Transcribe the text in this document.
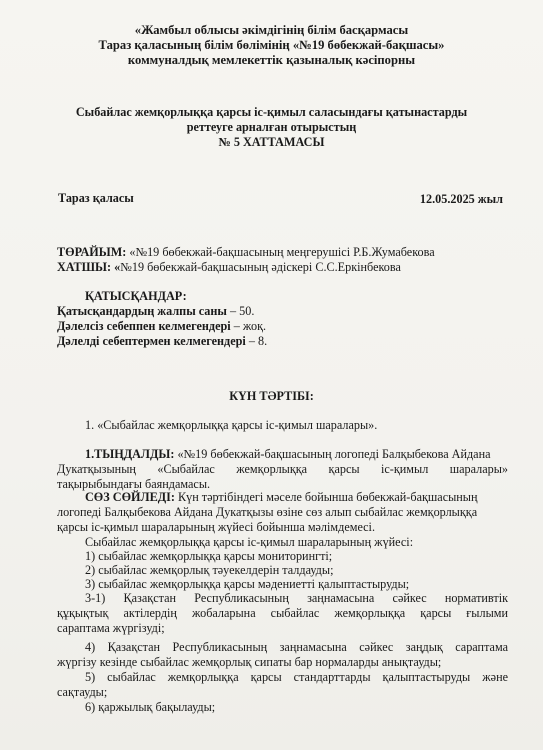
«Жамбыл облысы әкімдігінің білім басқармасы
Тараз қаласының білім бөлімінің «№19 бөбекжай-бақшасы»
коммуналдық мемлекеттік қазыналық кәсіпорны
Сыбайлас жемқорлыққа қарсы іс-қимыл саласындағы қатынастарды
реттеуге арналған отырыстың
№ 5 ХАТТАМАСЫ
Тараз қаласы	12.05.2025 жыл
ТӨРАЙЫМ: «№19 бөбекжай-бақшасының меңгерушісі Р.Б.Жумабекова
ХАТШЫ: «№19 бөбекжай-бақшасының әдіскері С.С.Еркінбекова
ҚАТЫСҚАНДАР:
Қатысқандардың жалпы саны – 50.
Дәлелсіз себеппен келмегендері – жоқ.
Дәлелді себептермен келмегендері – 8.
КҮН ТӘРТІБІ:
1. «Сыбайлас жемқорлыққа қарсы іс-қимыл шаралары».
1.ТЫҢДАЛДЫ: «№19 бөбекжай-бақшасының логопеді Балқыбекова Айдана
Дукатқызының «Сыбайлас жемқорлыққа қарсы іс-қимыл шаралары»
тақырыбындағы баяндамасы.
СӨЗ СӨЙЛЕДІ: Күн тәртібіндегі мәселе бойынша бөбекжай-бақшасының
логопеді Балқыбекова Айдана Дукатқызы өзіне сөз алып сыбайлас жемқорлыққа
қарсы іс-қимыл шараларының жүйесі бойынша мәлімдемесі.
Сыбайлас жемқорлыққа қарсы іс-қимыл шараларының жүйесі:
1) сыбайлас жемқорлыққа қарсы мониторингті;
2) сыбайлас жемқорлық тәуекелдерін талдауды;
3) сыбайлас жемқорлыққа қарсы мәдениетті қалыптастыруды;
3-1) Қазақстан Республикасының заңнамасына сәйкес нормативтік
құқықтық актілердің жобаларына сыбайлас жемқорлыққа қарсы ғылыми
сараптама жүргізуді;
4) Қазақстан Республикасының заңнамасына сәйкес заңдық сараптама
жүргізу кезінде сыбайлас жемқорлық сипаты бар нормаларды анықтауды;
5) сыбайлас жемқорлыққа қарсы стандарттарды қалыптастыруды және
сақтауды;
6) қаржылық бақылауды;
